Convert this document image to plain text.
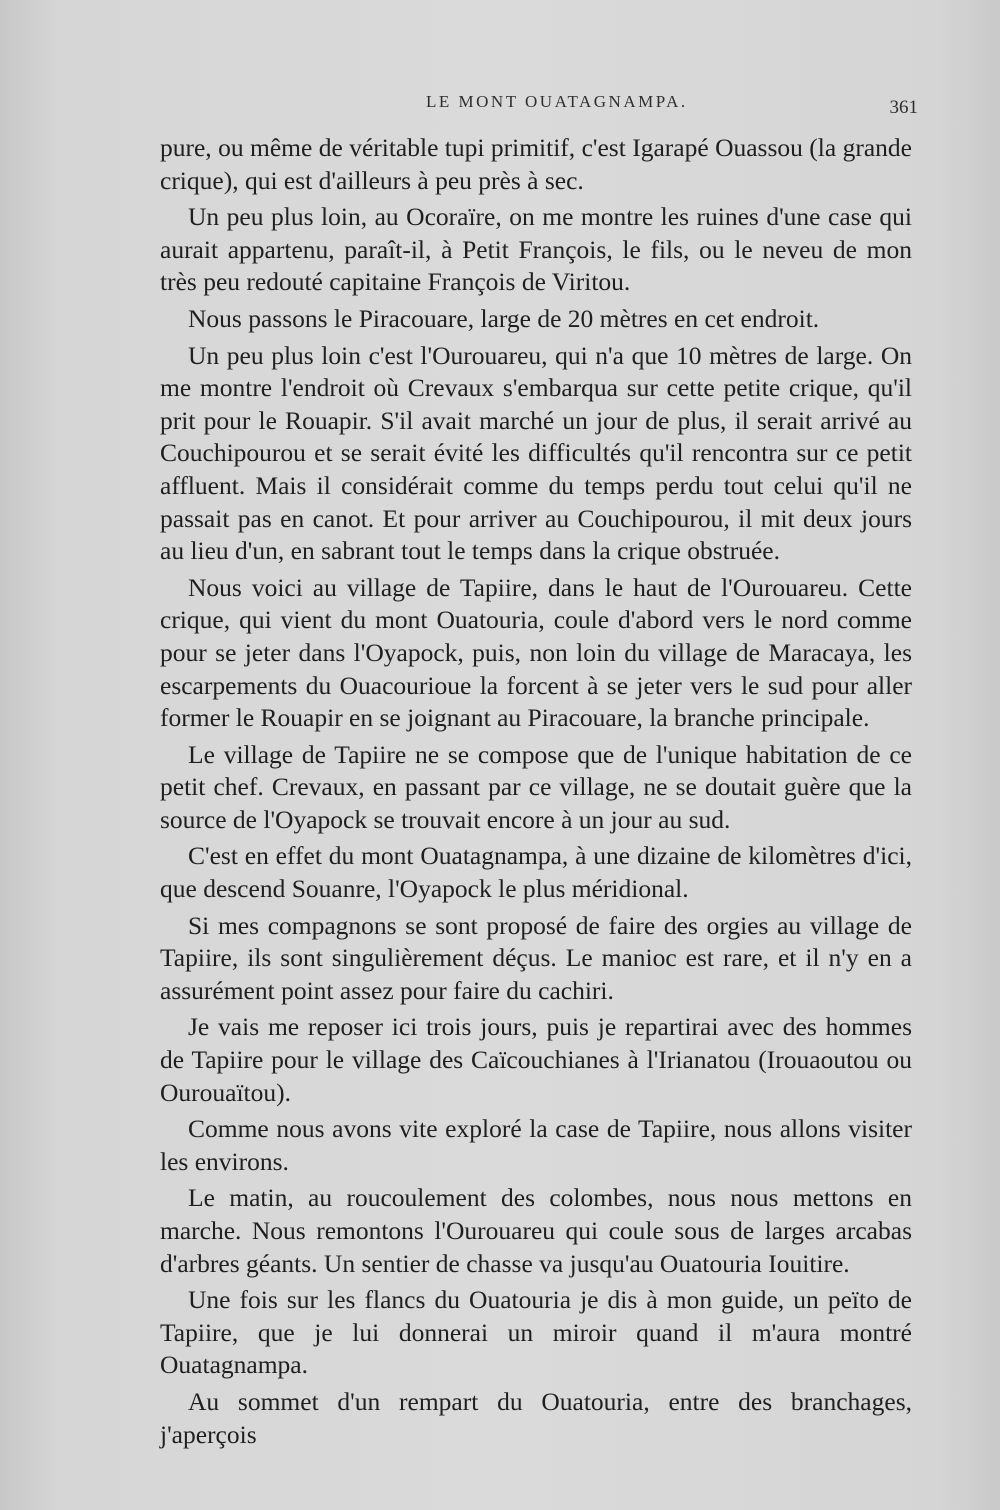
LE MONT OUATAGNAMPA.	361

pure, ou même de véritable tupi primitif, c'est Igarapé Ouassou (la grande crique), qui est d'ailleurs à peu près à sec.

Un peu plus loin, au Ocoraïre, on me montre les ruines d'une case qui aurait appartenu, paraît-il, à Petit François, le fils, ou le neveu de mon très peu redouté capitaine François de Viritou.

Nous passons le Piracouare, large de 20 mètres en cet endroit.

Un peu plus loin c'est l'Ourouareu, qui n'a que 10 mètres de large. On me montre l'endroit où Crevaux s'embarqua sur cette petite crique, qu'il prit pour le Rouapir. S'il avait marché un jour de plus, il serait arrivé au Couchipourou et se serait évité les difficultés qu'il rencontra sur ce petit affluent. Mais il considérait comme du temps perdu tout celui qu'il ne passait pas en canot. Et pour arriver au Couchipourou, il mit deux jours au lieu d'un, en sabrant tout le temps dans la crique obstruée.

Nous voici au village de Tapiire, dans le haut de l'Ourouareu. Cette crique, qui vient du mont Ouatouria, coule d'abord vers le nord comme pour se jeter dans l'Oyapock, puis, non loin du village de Maracaya, les escarpements du Ouacourioue la forcent à se jeter vers le sud pour aller former le Rouapir en se joignant au Piracouare, la branche principale.

Le village de Tapiire ne se compose que de l'unique habitation de ce petit chef. Crevaux, en passant par ce village, ne se doutait guère que la source de l'Oyapock se trouvait encore à un jour au sud.

C'est en effet du mont Ouatagnampa, à une dizaine de kilomètres d'ici, que descend Souanre, l'Oyapock le plus méridional.

Si mes compagnons se sont proposé de faire des orgies au village de Tapiire, ils sont singulièrement déçus. Le manioc est rare, et il n'y en a assurément point assez pour faire du cachiri.

Je vais me reposer ici trois jours, puis je repartirai avec des hommes de Tapiire pour le village des Caïcouchianes à l'Irianatou (Irouaoutou ou Ourouaïtou).

Comme nous avons vite exploré la case de Tapiire, nous allons visiter les environs.

Le matin, au roucoulement des colombes, nous nous mettons en marche. Nous remontons l'Ourouareu qui coule sous de larges arcabas d'arbres géants. Un sentier de chasse va jusqu'au Ouatouria Iouitire.

Une fois sur les flancs du Ouatouria je dis à mon guide, un peïto de Tapiire, que je lui donnerai un miroir quand il m'aura montré Ouatagnampa.

Au sommet d'un rempart du Ouatouria, entre des branchages, j'aperçois
